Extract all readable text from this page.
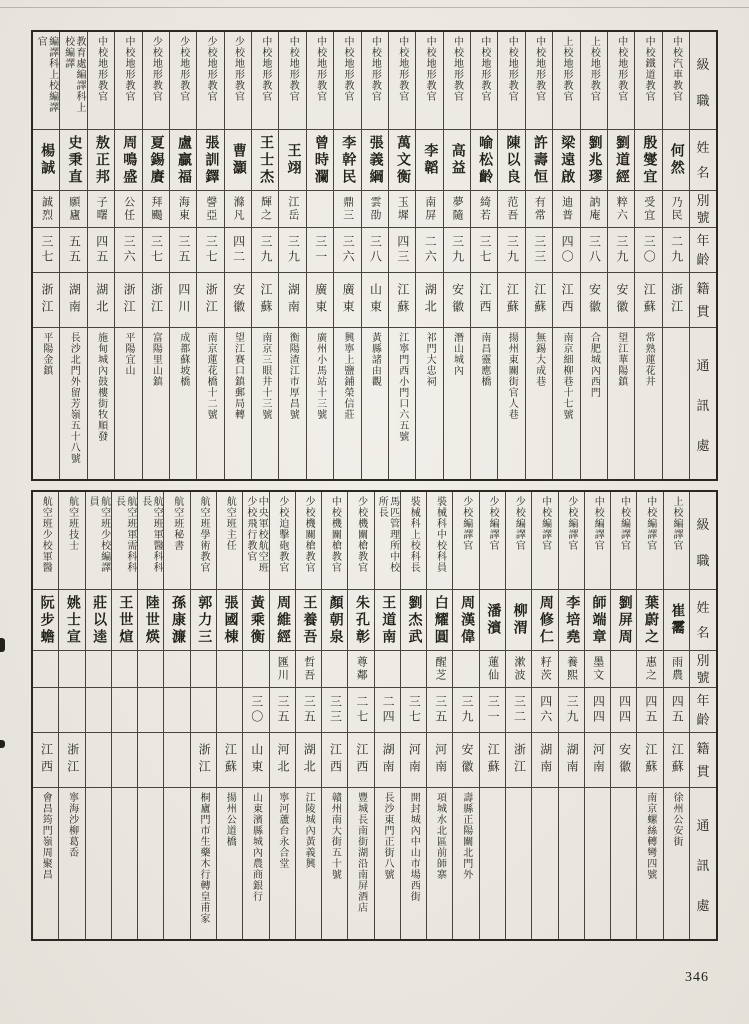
級
職
姓
名
別
號
年
齡
籍
貫
通
訊
處
中校汽車教官
何然
乃民
二九
浙江
中校鐵道教官
殷燮宜
受宜
三〇
江蘇
常熟蓮花井
中校地形教官
劉道經
粹六
三九
安徽
望江華陽鎮
上校地形教官
劉兆璆
訥庵
三八
安徽
合肥城內西門
上校地形教官
梁遠啟
迪普
四〇
江西
南京細柳巷十七號
中校地形教官
許壽恒
有常
三三
江蘇
無錫大成巷
中校地形教官
陳以良
范吾
三九
江蘇
揚州東關街官人巷
中校地形教官
喻松齡
綺若
三七
江西
南昌靈應橋
中校地形教官
高益
夢隨
三九
安徽
潛山城內
中校地形教官
李韜
南屏
二六
湖北
祁門大忠祠
中校地形教官
萬文衡
玉墀
四三
江蘇
江寧門西小門口六五號
中校地形教官
張義綱
雲劭
三八
山東
黃縣諸由觀
中校地形教官
李幹民
鼎三
三六
廣東
興寧上鹽鋪榮信莊
中校地形教官
曾時瀾
三一
廣東
廣州小馬站十三號
中校地形教官
王翊
江岳
三九
湖南
衡陽渣江市厚昌號
中校地形教官
王士杰
輝之
三九
江蘇
南京三眼井十三號
少校地形教官
曹灝
滌凡
四二
安徽
望江賽口鎮郵局轉
少校地形教官
張訓鐸
謦亞
三七
浙江
南京蓮花橋十二號
少校地形教官
盧贏福
海東
三五
四川
成都蘇坡橋
少校地形教官
夏錫賡
拜颺
三七
浙江
富陽里山鎮
中校地形教官
周鳴盛
公任
三六
浙江
平陽宜山
中校地形教官
敖正邦
子曙
四五
湖北
施甸城內鼓樓街牧順發
教育處編譯科上校編譯
史秉直
願廬
五五
湖南
長沙北門外留芳嶺五十八號
編譯科上校編譯官
楊誠
誠烈
三七
浙江
平陽金鎮
級
職
姓
名
別
號
年
齡
籍
貫
通
訊
處
上校編譯官
崔霱
雨農
四五
江蘇
徐州公安街
中校編譯官
葉蔚之
惠之
四五
江蘇
南京螺絲轉彎四號
中校編譯官
劉屏周
四四
安徽
中校編譯官
師端章
墨文
四四
河南
少校編譯官
李培堯
養熙
三九
湖南
中校編譯官
周修仁
籽茨
四六
湖南
少校編譯官
柳渭
漱波
三二
浙江
少校編譯官
潘濱
蓮仙
三一
江蘇
少校編譯官
周漢偉
三九
安徽
壽縣正陽關北門外
裝械科中校科員
白耀圓
醒芝
三五
河南
項城水北區前師寨
裝械科上校科長
劉杰武
三七
河南
開封城內中山市場西街
馬匹管理所中校所長
王道南
二四
湖南
長沙東門正街八號
少校機關槍教官
朱孔彰
尊鄰
二七
江西
豐城長南街湖沿南屏酒店
中校機關槍教官
顏朝泉
三三
江西
贛州南大街五十號
少校機關槍教官
王養吾
哲吾
三五
湖北
江陵城內黃義興
少校迫擊砲教官
周維經
匯川
三五
河北
寧河蘆台永合堂
中央軍校航空班少校飛行教官
黃乘衡
三〇
山東
山東濱縣城內農商銀行
航空班主任
張國棟
江蘇
揚州公道橋
航空班學術教官
郭力三
浙江
桐廬門市生藥木行轉皇甫家
航空班秘書
孫康濂
航空班軍醫科科長
陸世煐
航空班軍需科科長
王世煊
航空班少校編譯員
莊以逵
航空班技士
姚士宣
浙江
寧海沙柳葛岙
航空班少校軍醫
阮步蟾
江西
會昌筠門嶺周聚昌
346
